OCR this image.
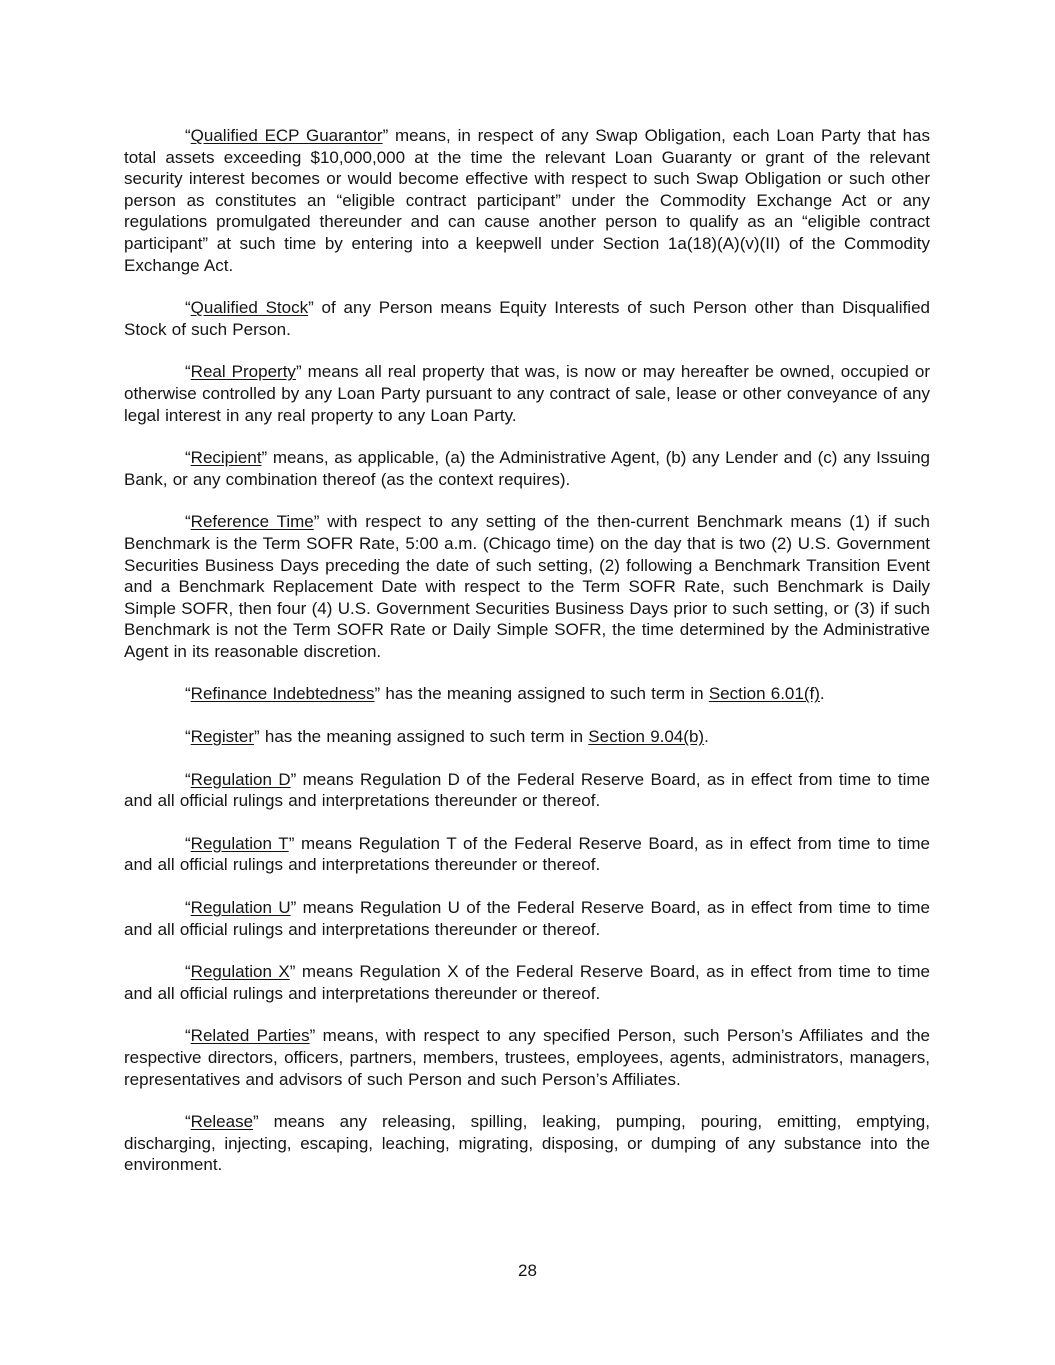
“Qualified ECP Guarantor” means, in respect of any Swap Obligation, each Loan Party that has total assets exceeding $10,000,000 at the time the relevant Loan Guaranty or grant of the relevant security interest becomes or would become effective with respect to such Swap Obligation or such other person as constitutes an “eligible contract participant” under the Commodity Exchange Act or any regulations promulgated thereunder and can cause another person to qualify as an “eligible contract participant” at such time by entering into a keepwell under Section 1a(18)(A)(v)(II) of the Commodity Exchange Act.

“Qualified Stock” of any Person means Equity Interests of such Person other than Disqualified Stock of such Person.

“Real Property” means all real property that was, is now or may hereafter be owned, occupied or otherwise controlled by any Loan Party pursuant to any contract of sale, lease or other conveyance of any legal interest in any real property to any Loan Party.

“Recipient” means, as applicable, (a) the Administrative Agent, (b) any Lender and (c) any Issuing Bank, or any combination thereof (as the context requires).

“Reference Time” with respect to any setting of the then-current Benchmark means (1) if such Benchmark is the Term SOFR Rate, 5:00 a.m. (Chicago time) on the day that is two (2) U.S. Government Securities Business Days preceding the date of such setting, (2) following a Benchmark Transition Event and a Benchmark Replacement Date with respect to the Term SOFR Rate, such Benchmark is Daily Simple SOFR, then four (4) U.S. Government Securities Business Days prior to such setting, or (3) if such Benchmark is not the Term SOFR Rate or Daily Simple SOFR, the time determined by the Administrative Agent in its reasonable discretion.

“Refinance Indebtedness” has the meaning assigned to such term in Section 6.01(f).

“Register” has the meaning assigned to such term in Section 9.04(b).

“Regulation D” means Regulation D of the Federal Reserve Board, as in effect from time to time and all official rulings and interpretations thereunder or thereof.

“Regulation T” means Regulation T of the Federal Reserve Board, as in effect from time to time and all official rulings and interpretations thereunder or thereof.

“Regulation U” means Regulation U of the Federal Reserve Board, as in effect from time to time and all official rulings and interpretations thereunder or thereof.

“Regulation X” means Regulation X of the Federal Reserve Board, as in effect from time to time and all official rulings and interpretations thereunder or thereof.

“Related Parties” means, with respect to any specified Person, such Person’s Affiliates and the respective directors, officers, partners, members, trustees, employees, agents, administrators, managers, representatives and advisors of such Person and such Person’s Affiliates.

“Release” means any releasing, spilling, leaking, pumping, pouring, emitting, emptying, discharging, injecting, escaping, leaching, migrating, disposing, or dumping of any substance into the environment.

28
